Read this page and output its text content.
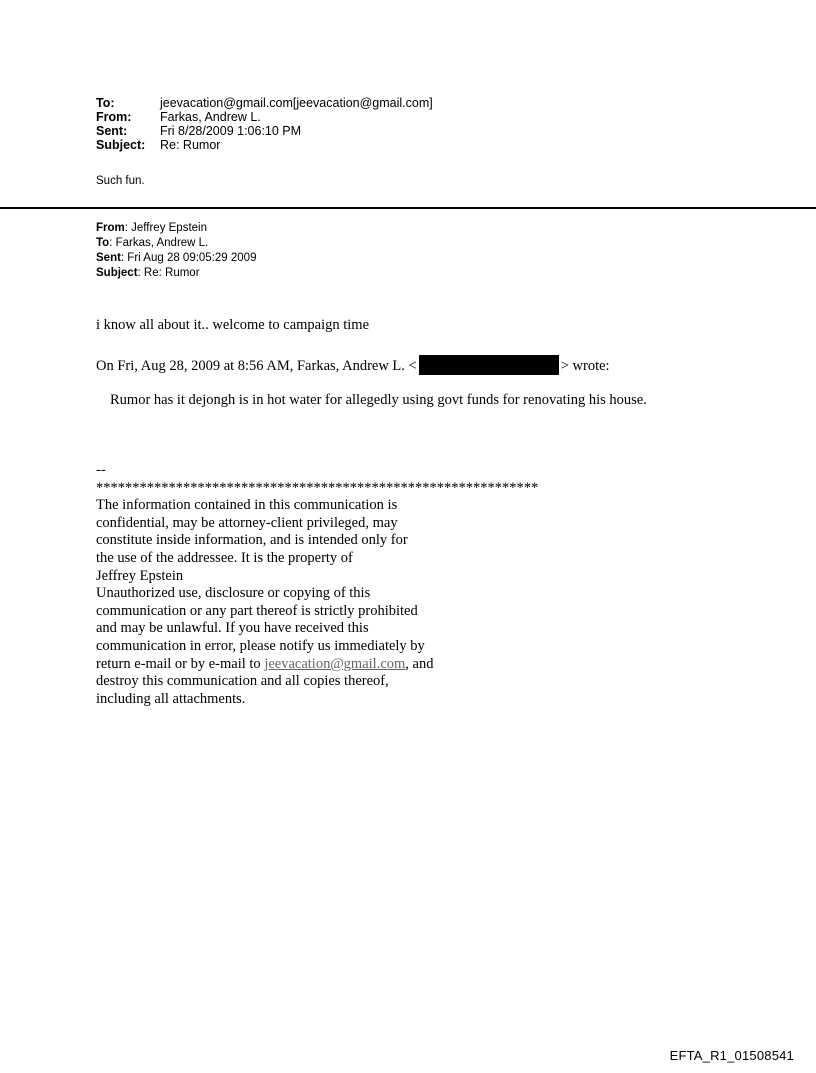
To:	jeevacation@gmail.com[jeevacation@gmail.com]
From:	Farkas, Andrew L.
Sent:	Fri 8/28/2009 1:06:10 PM
Subject:	Re: Rumor
Such fun.
From: Jeffrey Epstein
To: Farkas, Andrew L.
Sent: Fri Aug 28 09:05:29 2009
Subject: Re: Rumor
i know all about it.. welcome to campaign time
On Fri, Aug 28, 2009 at 8:56 AM, Farkas, Andrew L. <	> wrote:
Rumor has it dejongh is in hot water for allegedly using govt funds for renovating his house.
--
*************************************************************
The information contained in this communication is
confidential, may be attorney-client privileged, may
constitute inside information, and is intended only for
the use of the addressee. It is the property of
Jeffrey Epstein
Unauthorized use, disclosure or copying of this
communication or any part thereof is strictly prohibited
and may be unlawful. If you have received this
communication in error, please notify us immediately by
return e-mail or by e-mail to jeevacation@gmail.com, and
destroy this communication and all copies thereof,
including all attachments.
EFTA_R1_01508541
